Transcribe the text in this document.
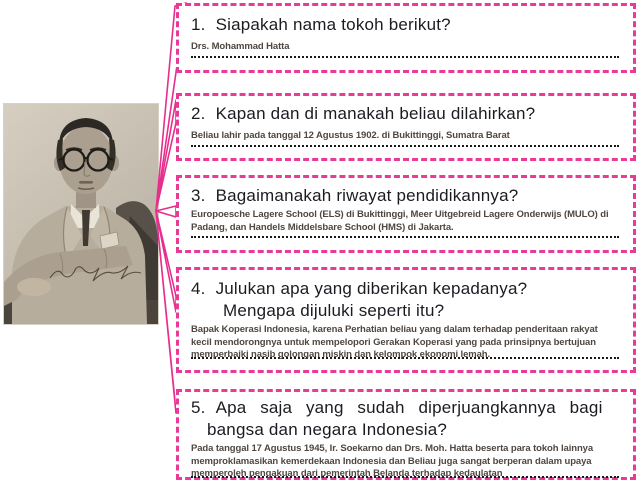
1. Siapakah nama tokoh berikut?
Drs. Mohammad Hatta
2. Kapan dan di manakah beliau dilahirkan?
Beliau lahir pada tanggal 12 Agustus 1902. di Bukittinggi, Sumatra Barat
3. Bagaimanakah riwayat pendidikannya?
Europoesche Lagere School (ELS) di Bukittinggi, Meer Uitgebreid Lagere Onderwijs (MULO) di Padang, dan Handels Middelsbare School (HMS) di Jakarta.
4. Julukan apa yang diberikan kepadanya?
Mengapa dijuluki seperti itu?
Bapak Koperasi Indonesia, karena Perhatian beliau yang dalam terhadap penderitaan rakyat kecil mendorongnya untuk mempelopori Gerakan Koperasi yang pada prinsipnya bertujuan memperbaiki nasib golongan miskin dan kelompok ekonomi lemah.
5. Apa saja yang sudah diperjuangkannya bagi
bangsa dan negara Indonesia?
Pada tanggal 17 Agustus 1945, Ir. Soekarno dan Drs. Moh. Hatta beserta para tokoh lainnya memproklamasikan kemerdekaan Indonesia dan Beliau juga sangat berperan dalam upaya memperoleh pengakuan dari pemerintah Belanda terhadap kedaulatan
